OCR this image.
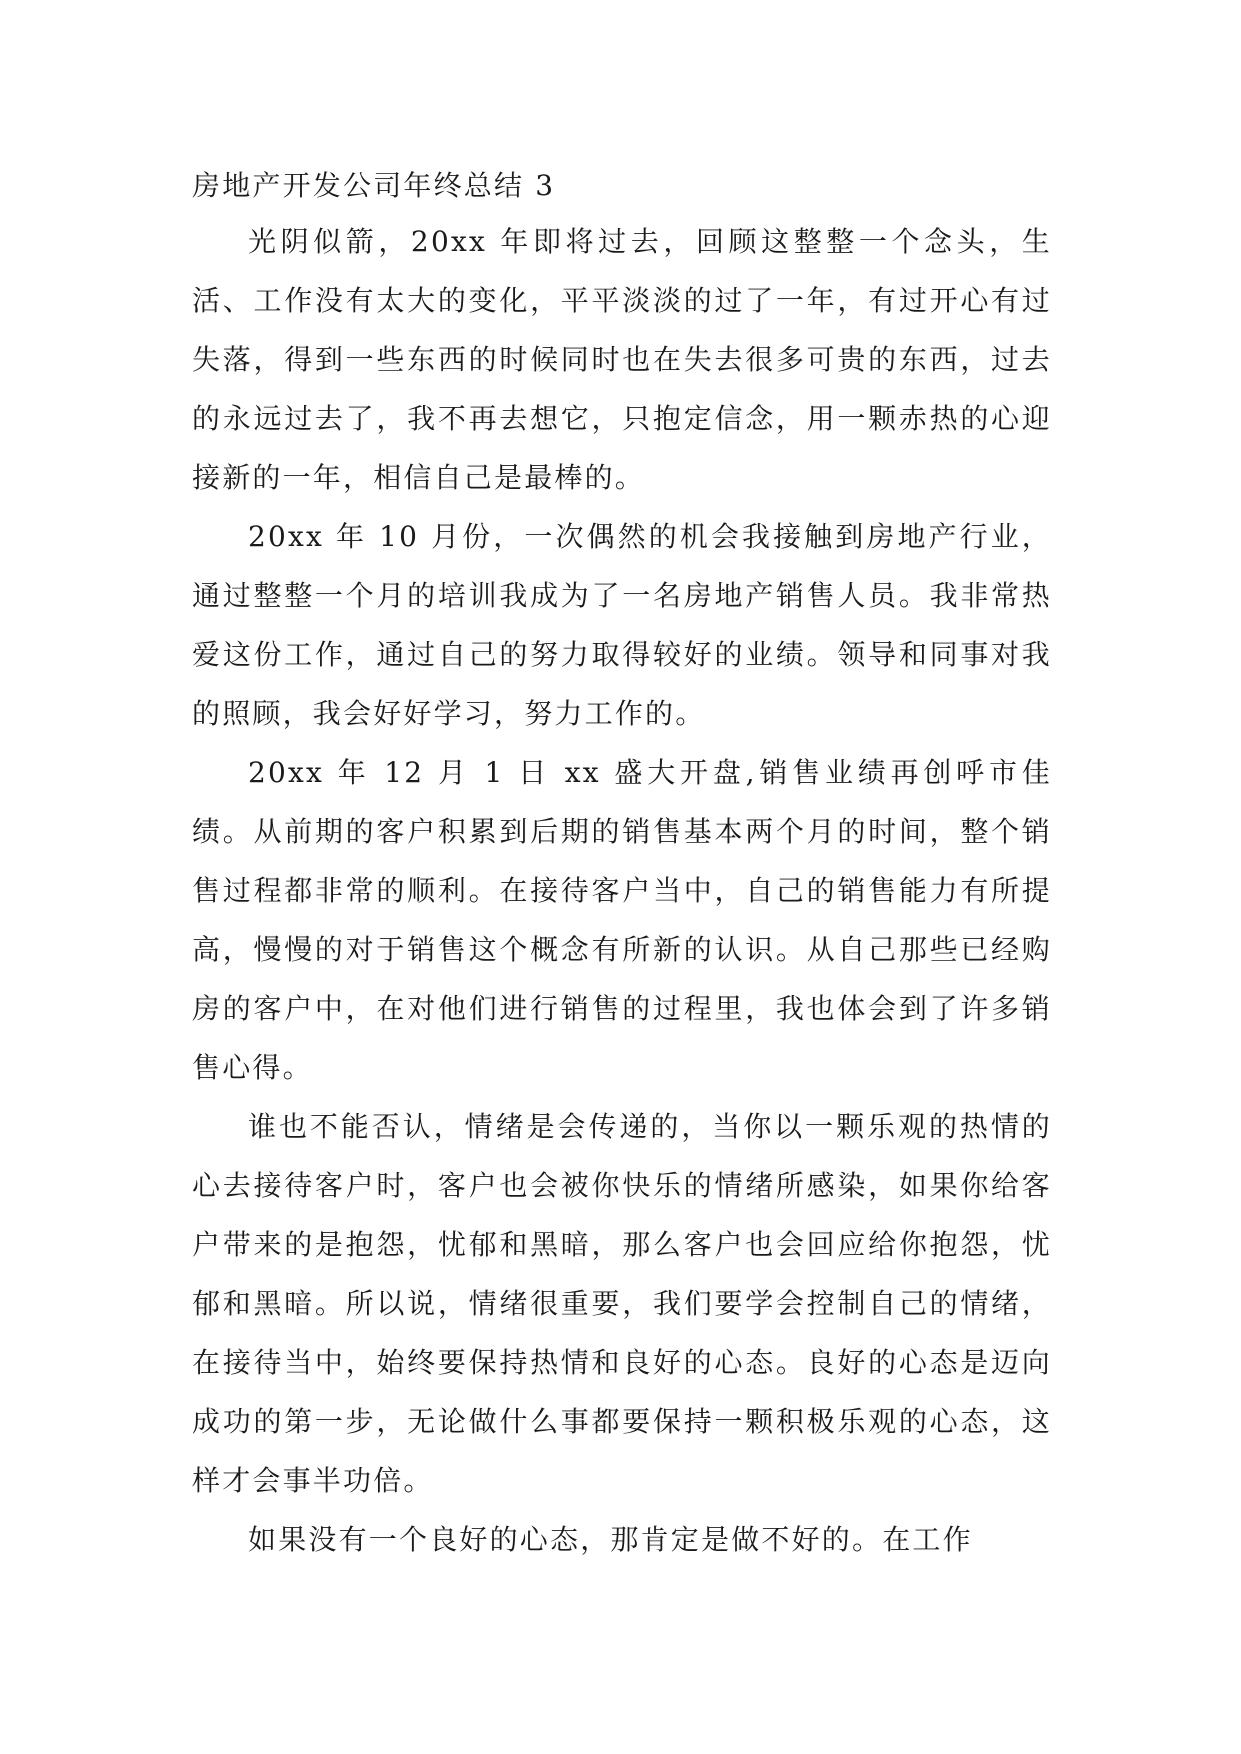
房地产开发公司年终总结 3

光阴似箭，20xx 年即将过去，回顾这整整一个念头，生活、工作没有太大的变化，平平淡淡的过了一年，有过开心有过失落，得到一些东西的时候同时也在失去很多可贵的东西，过去的永远过去了，我不再去想它，只抱定信念，用一颗赤热的心迎接新的一年，相信自己是最棒的。

20xx 年 10 月份，一次偶然的机会我接触到房地产行业，通过整整一个月的培训我成为了一名房地产销售人员。我非常热爱这份工作，通过自己的努力取得较好的业绩。领导和同事对我的照顾，我会好好学习，努力工作的。

20xx 年 12 月 1 日 xx 盛大开盘,销售业绩再创呼市佳绩。从前期的客户积累到后期的销售基本两个月的时间，整个销售过程都非常的顺利。在接待客户当中，自己的销售能力有所提高，慢慢的对于销售这个概念有所新的认识。从自己那些已经购房的客户中，在对他们进行销售的过程里，我也体会到了许多销售心得。

谁也不能否认，情绪是会传递的，当你以一颗乐观的热情的心去接待客户时，客户也会被你快乐的情绪所感染，如果你给客户带来的是抱怨，忧郁和黑暗，那么客户也会回应给你抱怨，忧郁和黑暗。所以说，情绪很重要，我们要学会控制自己的情绪，在接待当中，始终要保持热情和良好的心态。良好的心态是迈向成功的第一步，无论做什么事都要保持一颗积极乐观的心态，这样才会事半功倍。

如果没有一个良好的心态，那肯定是做不好的。在工作
